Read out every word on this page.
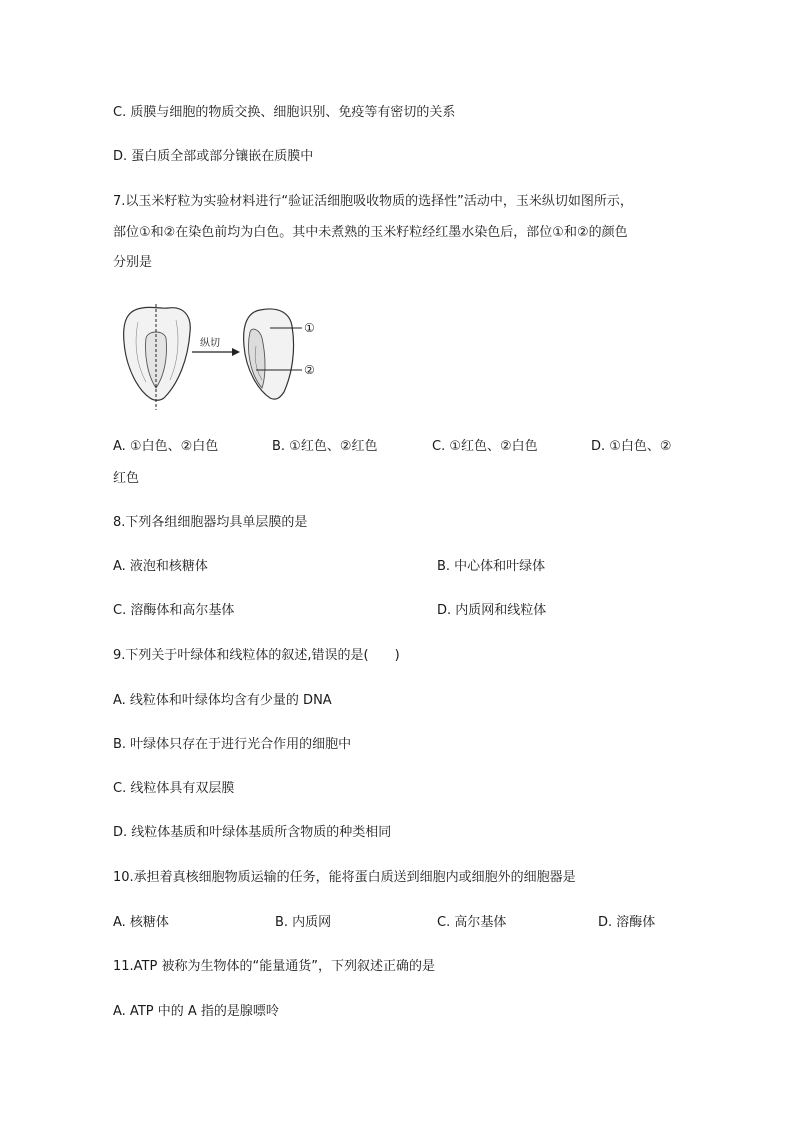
C. 质膜与细胞的物质交换、细胞识别、免疫等有密切的关系
D. 蛋白质全部或部分镶嵌在质膜中
7.以玉米籽粒为实验材料进行“验证活细胞吸收物质的选择性”活动中，玉米纵切如图所示，
部位①和②在染色前均为白色。其中未煮熟的玉米籽粒经红墨水染色后，部位①和②的颜色
分别是
纵切
①
②
A. ①白色、②白色	B. ①红色、②红色	C. ①红色、②白色	D. ①白色、②
红色
8.下列各组细胞器均具单层膜的是
A. 液泡和核糖体	B. 中心体和叶绿体
C. 溶酶体和高尔基体	D. 内质网和线粒体
9.下列关于叶绿体和线粒体的叙述,错误的是(　　)
A. 线粒体和叶绿体均含有少量的 DNA
B. 叶绿体只存在于进行光合作用的细胞中
C. 线粒体具有双层膜
D. 线粒体基质和叶绿体基质所含物质的种类相同
10.承担着真核细胞物质运输的任务，能将蛋白质送到细胞内或细胞外的细胞器是
A. 核糖体	B. 内质网	C. 高尔基体	D. 溶酶体
11.ATP 被称为生物体的“能量通货”，下列叙述正确的是
A. ATP 中的 A 指的是腺嘌呤
